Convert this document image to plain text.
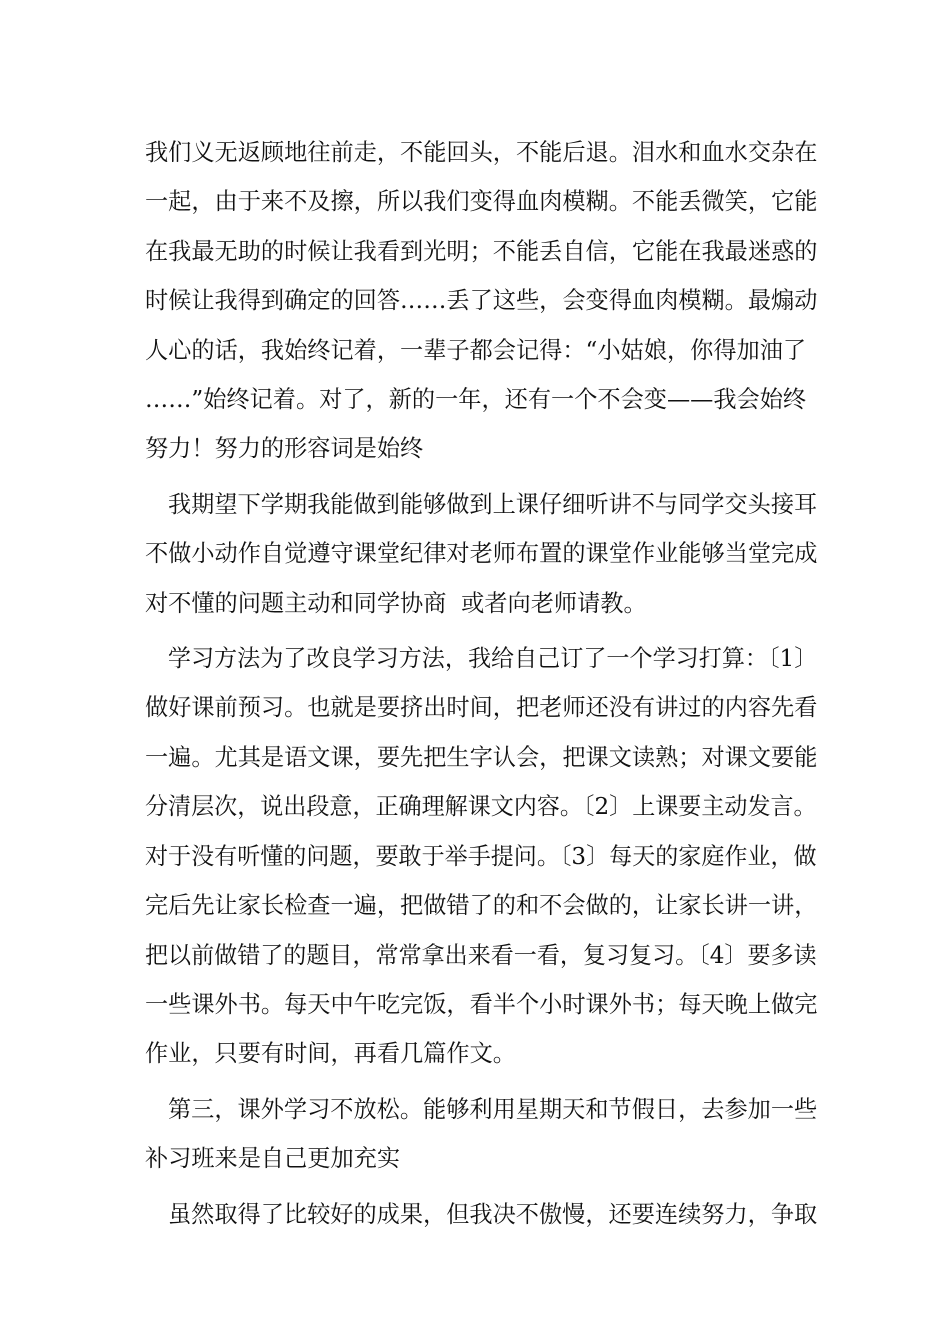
我们义无返顾地往前走，不能回头，不能后退。泪水和血水交杂在
一起，由于来不及擦，所以我们变得血肉模糊。不能丢微笑，它能
在我最无助的时候让我看到光明；不能丢自信，它能在我最迷惑的
时候让我得到确定的回答……丢了这些，会变得血肉模糊。最煽动
人心的话，我始终记着，一辈子都会记得：“小姑娘，你得加油了
……”始终记着。对了，新的一年，还有一个不会变——我会始终
努力！努力的形容词是始终

我期望下学期我能做到能够做到上课仔细听讲不与同学交头接耳
不做小动作自觉遵守课堂纪律对老师布置的课堂作业能够当堂完成
对不懂的问题主动和同学协商  或者向老师请教。

学习方法为了改良学习方法，我给自己订了一个学习打算：〔1〕
做好课前预习。也就是要挤出时间，把老师还没有讲过的内容先看
一遍。尤其是语文课，要先把生字认会，把课文读熟；对课文要能
分清层次，说出段意，正确理解课文内容。〔2〕上课要主动发言。
对于没有听懂的问题，要敢于举手提问。〔3〕每天的家庭作业，做
完后先让家长检查一遍，把做错了的和不会做的，让家长讲一讲，
把以前做错了的题目，常常拿出来看一看，复习复习。〔4〕要多读
一些课外书。每天中午吃完饭，看半个小时课外书；每天晚上做完
作业，只要有时间，再看几篇作文。

第三，课外学习不放松。能够利用星期天和节假日，去参加一些
补习班来是自己更加充实

虽然取得了比较好的成果，但我决不傲慢，还要连续努力，争取
